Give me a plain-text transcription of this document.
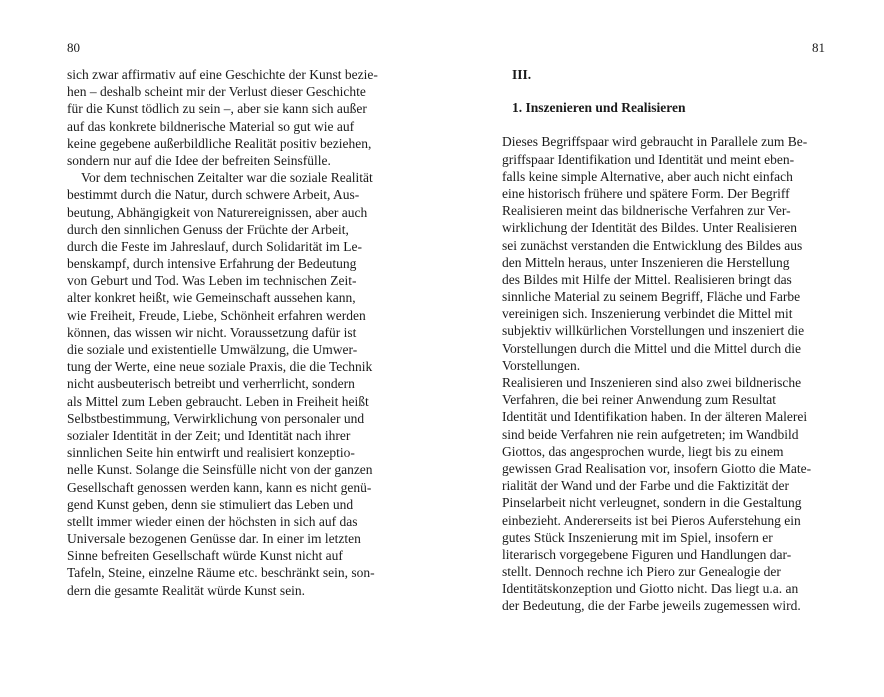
80	81
sich zwar affirmativ auf eine Geschichte der Kunst bezie-
hen – deshalb scheint mir der Verlust dieser Geschichte
für die Kunst tödlich zu sein –, aber sie kann sich außer
auf das konkrete bildnerische Material so gut wie auf
keine gegebene außerbildliche Realität positiv beziehen,
sondern nur auf die Idee der befreiten Seinsfülle.
Vor dem technischen Zeitalter war die soziale Realität
bestimmt durch die Natur, durch schwere Arbeit, Aus-
beutung, Abhängigkeit von Naturereignissen, aber auch
durch den sinnlichen Genuss der Früchte der Arbeit,
durch die Feste im Jahreslauf, durch Solidarität im Le-
benskampf, durch intensive Erfahrung der Bedeutung
von Geburt und Tod. Was Leben im technischen Zeit-
alter konkret heißt, wie Gemeinschaft aussehen kann,
wie Freiheit, Freude, Liebe, Schönheit erfahren werden
können, das wissen wir nicht. Voraussetzung dafür ist
die soziale und existentielle Umwälzung, die Umwer-
tung der Werte, eine neue soziale Praxis, die die Technik
nicht ausbeuterisch betreibt und verherrlicht, sondern
als Mittel zum Leben gebraucht. Leben in Freiheit heißt
Selbstbestimmung, Verwirklichung von personaler und
sozialer Identität in der Zeit; und Identität nach ihrer
sinnlichen Seite hin entwirft und realisiert konzeptio-
nelle Kunst. Solange die Seinsfülle nicht von der ganzen
Gesellschaft genossen werden kann, kann es nicht genü-
gend Kunst geben, denn sie stimuliert das Leben und
stellt immer wieder einen der höchsten in sich auf das
Universale bezogenen Genüsse dar. In einer im letzten
Sinne befreiten Gesellschaft würde Kunst nicht auf
Tafeln, Steine, einzelne Räume etc. beschränkt sein, son-
dern die gesamte Realität würde Kunst sein.
III.
1. Inszenieren und Realisieren
Dieses Begriffspaar wird gebraucht in Parallele zum Be-
griffspaar Identifikation und Identität und meint eben-
falls keine simple Alternative, aber auch nicht einfach
eine historisch frühere und spätere Form. Der Begriff
Realisieren meint das bildnerische Verfahren zur Ver-
wirklichung der Identität des Bildes. Unter Realisieren
sei zunächst verstanden die Entwicklung des Bildes aus
den Mitteln heraus, unter Inszenieren die Herstellung
des Bildes mit Hilfe der Mittel. Realisieren bringt das
sinnliche Material zu seinem Begriff, Fläche und Farbe
vereinigen sich. Inszenierung verbindet die Mittel mit
subjektiv willkürlichen Vorstellungen und inszeniert die
Vorstellungen durch die Mittel und die Mittel durch die
Vorstellungen.
Realisieren und Inszenieren sind also zwei bildnerische
Verfahren, die bei reiner Anwendung zum Resultat
Identität und Identifikation haben. In der älteren Malerei
sind beide Verfahren nie rein aufgetreten; im Wandbild
Giottos, das angesprochen wurde, liegt bis zu einem
gewissen Grad Realisation vor, insofern Giotto die Mate-
rialität der Wand und der Farbe und die Faktizität der
Pinselarbeit nicht verleugnet, sondern in die Gestaltung
einbezieht. Andererseits ist bei Pieros Auferstehung ein
gutes Stück Inszenierung mit im Spiel, insofern er
literarisch vorgegebene Figuren und Handlungen dar-
stellt. Dennoch rechne ich Piero zur Genealogie der
Identitätskonzeption und Giotto nicht. Das liegt u.a. an
der Bedeutung, die der Farbe jeweils zugemessen wird.
